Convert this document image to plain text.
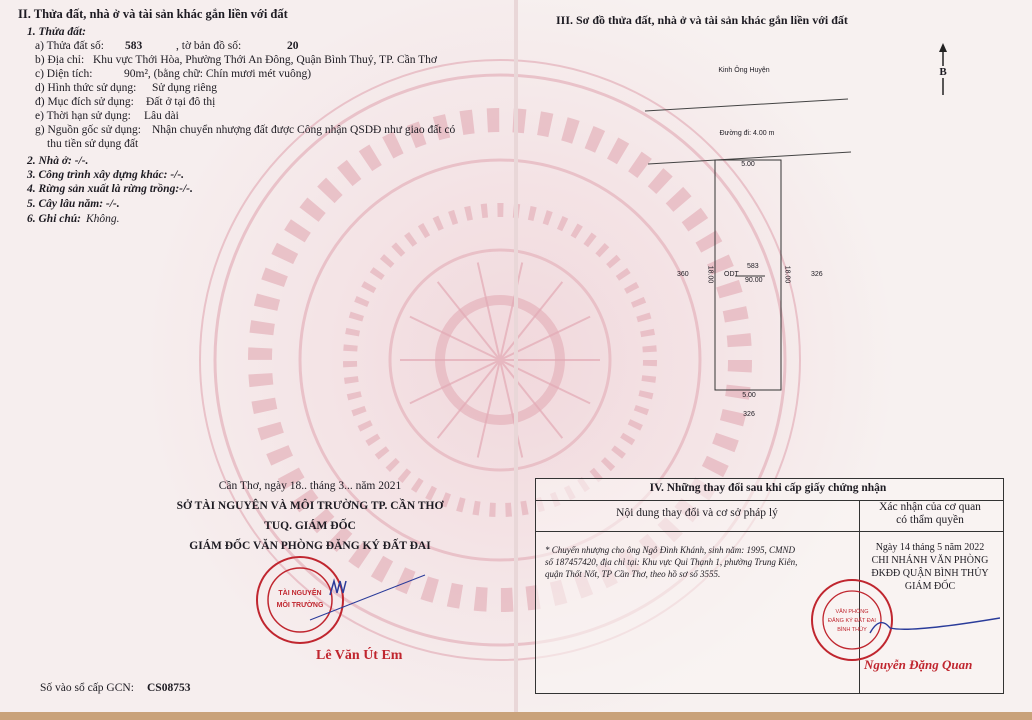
II. Thửa đất, nhà ở và tài sản khác gắn liền với đất
1. Thửa đất:
a) Thửa đất số: 583	, tờ bản đồ số:	20
b) Địa chỉ: Khu vực Thới Hòa, Phường Thới An Đông, Quận Bình Thuỷ, TP. Cần Thơ
c) Diện tích:	90m², (bằng chữ: Chín mươi mét vuông)
d) Hình thức sử dụng: Sử dụng riêng
đ) Mục đích sử dụng: Đất ở tại đô thị
e) Thời hạn sử dụng: Lâu dài
g) Nguồn gốc sử dụng: Nhận chuyển nhượng đất được Công nhận QSDĐ như giao đất có
thu tiền sử dụng đất
2. Nhà ở: -/-.
3. Công trình xây dựng khác: -/-.
4. Rừng sản xuất là rừng trồng:-/-.
5. Cây lâu năm: -/-.
6. Ghi chú: Không.
Cần Thơ, ngày 18.. tháng 3... năm 2021
SỞ TÀI NGUYÊN VÀ MÔI TRƯỜNG TP. CẦN THƠ
TUQ. GIÁM ĐỐC
GIÁM ĐỐC VĂN PHÒNG ĐĂNG KÝ ĐẤT ĐAI
TÀI NGUYÊN
MÔI TRƯỜNG
Lê Văn Út Em
Số vào sổ cấp GCN: CS08753
III. Sơ đồ thửa đất, nhà ở và tài sản khác gắn liền với đất
Kinh Ông Huyện	B
Đường đi: 4.00 m
5.00
360	18.00 ODT
583
90.00	18.00	326
5.00
326
IV. Những thay đổi sau khi cấp giấy chứng nhận
Nội dung thay đổi và cơ sở pháp lý	Xác nhận của cơ quan
có thẩm quyền
* Chuyển nhượng cho ông Ngô Đình Khánh, sinh năm: 1995, CMND
số 187457420, địa chỉ tại: Khu vực Qui Thạnh 1, phường Trung Kiên,
quận Thốt Nốt, TP Cần Thơ, theo hồ sơ số 3555.
Ngày 14 tháng 5 năm 2022
CHI NHÁNH VĂN PHÒNG
ĐKĐĐ QUẬN BÌNH THỦY
GIÁM ĐỐC
VĂN PHÒNG
ĐĂNG KÝ ĐẤT ĐAI
BÌNH THỦY
Nguyễn Đặng Quan
